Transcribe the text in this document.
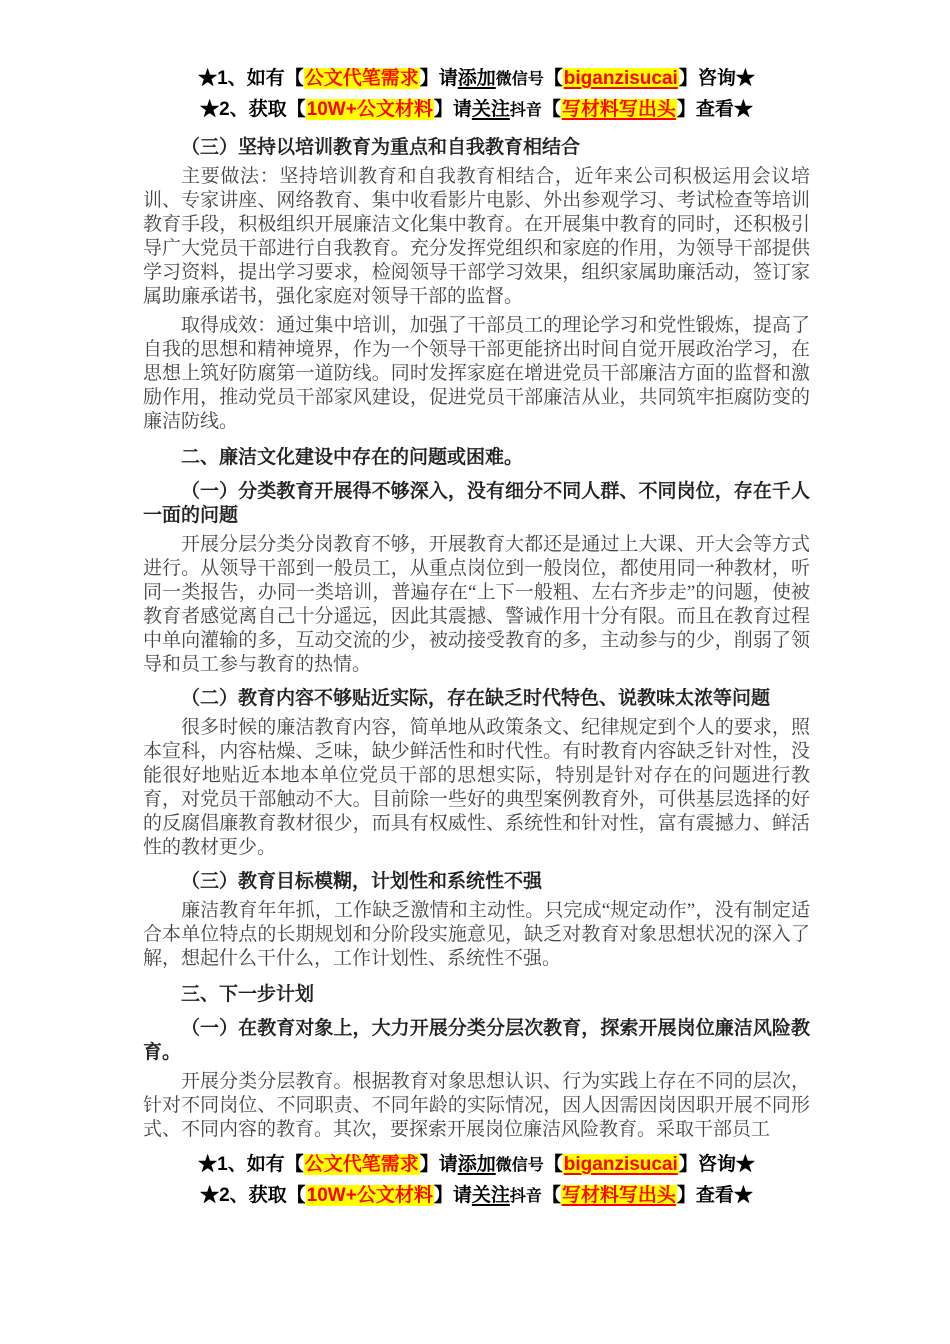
★1、如有【公文代笔需求】请添加微信号【biganzisucai】咨询★
★2、获取【10W+公文材料】请关注抖音【写材料写出头】查看★
（三）坚持以培训教育为重点和自我教育相结合

主要做法：坚持培训教育和自我教育相结合，近年来公司积极运用会议培训、专家讲座、网络教育、集中收看影片电影、外出参观学习、考试检查等培训教育手段，积极组织开展廉洁文化集中教育。在开展集中教育的同时，还积极引导广大党员干部进行自我教育。充分发挥党组织和家庭的作用，为领导干部提供学习资料，提出学习要求，检阅领导干部学习效果，组织家属助廉活动，签订家属助廉承诺书，强化家庭对领导干部的监督。

取得成效：通过集中培训，加强了干部员工的理论学习和党性锻炼，提高了自我的思想和精神境界，作为一个领导干部更能挤出时间自觉开展政治学习，在思想上筑好防腐第一道防线。同时发挥家庭在增进党员干部廉洁方面的监督和激励作用，推动党员干部家风建设，促进党员干部廉洁从业，共同筑牢拒腐防变的廉洁防线。

二、廉洁文化建设中存在的问题或困难。
（一）分类教育开展得不够深入，没有细分不同人群、不同岗位，存在千人一面的问题

开展分层分类分岗教育不够，开展教育大都还是通过上大课、开大会等方式进行。从领导干部到一般员工，从重点岗位到一般岗位，都使用同一种教材，听同一类报告，办同一类培训，普遍存在“上下一般粗、左右齐步走”的问题，使被教育者感觉离自己十分遥远，因此其震撼、警诫作用十分有限。而且在教育过程中单向灌输的多，互动交流的少，被动接受教育的多，主动参与的少，削弱了领导和员工参与教育的热情。

（二）教育内容不够贴近实际，存在缺乏时代特色、说教味太浓等问题

很多时候的廉洁教育内容，简单地从政策条文、纪律规定到个人的要求，照本宣科，内容枯燥、乏味，缺少鲜活性和时代性。有时教育内容缺乏针对性，没能很好地贴近本地本单位党员干部的思想实际，特别是针对存在的问题进行教育，对党员干部触动不大。目前除一些好的典型案例教育外，可供基层选择的好的反腐倡廉教育教材很少，而具有权威性、系统性和针对性，富有震撼力、鲜活性的教材更少。

（三）教育目标模糊，计划性和系统性不强

廉洁教育年年抓，工作缺乏激情和主动性。只完成“规定动作”，没有制定适合本单位特点的长期规划和分阶段实施意见，缺乏对教育对象思想状况的深入了解，想起什么干什么，工作计划性、系统性不强。

三、下一步计划
（一）在教育对象上，大力开展分类分层次教育，探索开展岗位廉洁风险教育。

开展分类分层教育。根据教育对象思想认识、行为实践上存在不同的层次，针对不同岗位、不同职责、不同年龄的实际情况，因人因需因岗因职开展不同形式、不同内容的教育。其次，要探索开展岗位廉洁风险教育。采取干部员工

★1、如有【公文代笔需求】请添加微信号【biganzisucai】咨询★
★2、获取【10W+公文材料】请关注抖音【写材料写出头】查看★
